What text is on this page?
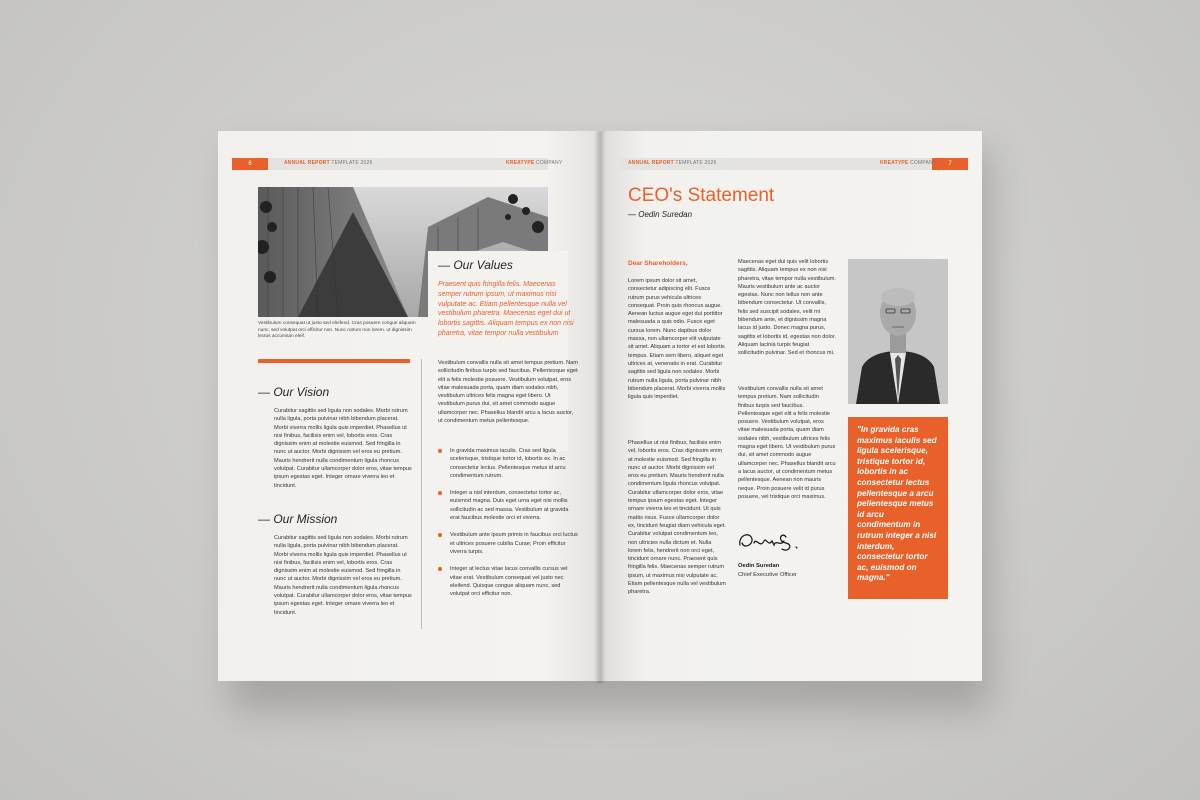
6	ANNUAL REPORT TEMPLATE 2026	KREATYPE COMPANY
Vestibulum consequat ut justo sed eleifend. Cras posuere congue aliquam nunc, sed volutpat orci efficitur non. Nunc rutrum non lorem. ut dignissim lectus accumsan eleif.
— Our Values
Praesent quis fringilla felis. Maecenas semper rutrum ipsum, ut maximus nisi vulputate ac. Etiam pellentesque nulla vel vestibulum pharetra. Maecenas eget dui ut lobortis sagittis. Aliquam tempus ex non nisi pharetra, vitae tempor nulla vestibulum
— Our Vision
Curabitur sagittis sed ligula non sodales. Morbi rutrum nulla ligula, porta pulvinar nibh bibendum placerat. Morbi viverra mollis ligula quis imperdiet. Phasellus ut nisi finibus, facilisis enim vel, lobortis eros. Cras dignissim enim at molestie euismod. Sed fringilla in nunc ut auctor. Morbi dignissim vel eros eu pretium. Mauris hendrerit nulla condimentum ligula rhoncus volutpat. Curabitur ullamcorper dolor eros, vitae tempus ipsum egestas eget. Integer ornare viverra leo et tincidunt.
— Our Mission
Curabitur sagittis sed ligula non sodales. Morbi rutrum nulla ligula, porta pulvinar nibh bibendum placerat. Morbi viverra mollis ligula quis imperdiet. Phasellus ut nisi finibus, facilisis enim vel, lobortis eros. Cras dignissim enim at molestie euismod. Sed fringilla in nunc ut auctor. Morbi dignissim vel eros eu pretium. Mauris hendrerit nulla condimentum ligula rhoncus volutpat. Curabitur ullamcorper dolor eros, vitae tempus ipsum egestas eget. Integer ornare viverra leo et tincidunt.
Vestibulum convallis nulla sit amet tempus pretium. Nam sollicitudin finibus turpis sed faucibus. Pellentesque eget elit a felis molestie posuere. Vestibulum volutpat, eros vitae malesuada porta, quam diam sodales nibh, vestibulum ultrices felis magna eget libero. Ut vestibulum purus dui, sit amet commodo augue ullamcorper nec. Phasellus blandit arcu a lacus auctor, ut condimentum metus pellentesque.
In gravida maximus iaculis. Cras sed ligula scelerisque, tristique tortor id, lobortis ex. In ac consectetur lectus. Pellentesque metus id arcu condimentum rutrum.
Integer a nisl interdum, consectetur tortor ac, euismod magna. Duis eget urna eget nisi mollis sollicitudin ac sed massa. Vestibulum at gravida erat faucibus molestie orci et viverra.
Vestibulum ante ipsum primis in faucibus orci luctus et ultrices posuere cubilia Curae; Proin efficitur viverra turpis.
Integer at lectus vitae lacus convallis cursus vel vitae erat. Vestibulum consequat vel justo nec eleifend. Quisque congue aliquam nunc, sed volutpat orci efficitur non.
7
ANNUAL REPORT TEMPLATE 2026	KREATYPE COMPANY
CEO's Statement
— Oedin Suredan
Dear Shareholders,
Lorem ipsum dolor sit amet, consectetur adipiscing elit. Fusce rutrum purus vehicula ultrices consequat. Proin quis rhoncus augue. Aenean luctus augue eget dui porttitor malesuada a quis odio. Fusce eget cursus lorem. Nunc dapibus dolor massa, non ullamcorper elit vulputate sit amet. Aliquam a tortor et est lobortis tempus. Etiam sem libero, aliquet eget ultrices at, venenatis in erat. Curabitur sagittis sed ligula non sodales. Morbi rutrum nulla ligula, porta pulvinar nibh bibendum placerat. Morbi viverra mollis ligula quis imperdiet.
Phasellus ut nisi finibus, facilisis enim vel, lobortis eros. Cras dignissim enim at molestie euismod. Sed fringilla in nunc ut auctor. Morbi dignissim vel eros eu pretium. Mauris hendrerit nulla condimentum ligula rhoncus volutpat. Curabitur ullamcorper dolor eros, vitae tempus ipsum egestas eget. Integer ornare viverra leo et tincidunt. Ut quis mattis risus. Fusce ullamcorper dolor ex, tincidunt feugiat diam vehicula eget. Curabitur volutpat condimentum leo, non ultricies nulla dictum et. Nulla lorem felis, hendrerit non orci eget, tincidunt ornare nunc. Praesent quis fringilla felis. Maecenas semper rutrum ipsum, ut maximus nisi vulputate ac. Etiam pellentesque nulla vel vestibulum pharetra.
Maecenas eget dui quis velit lobortis sagittis. Aliquam tempus ex non nisi pharetra, vitae tempor nulla vestibulum. Mauris vestibulum ante ac auctor egestas. Nunc non tellus non ante bibendum consectetur. Ut convallis, felis sed suscipit sodales, velit mi bibendum ante, et dignissim magna lacus id justo. Donec magna purus, sagittis et lobortis id, egestas non dolor. Aliquam lacinia turpis feugiat sollicitudin pulvinar. Sed et rhoncus mi.
Vestibulum convallis nulla sit amet tempus pretium. Nam sollicitudin finibus turpis sed faucibus. Pellentesque eget elit a felis molestie posuere. Vestibulum volutpat, eros vitae malesuada porta, quam diam sodales nibh, vestibulum ultrices felis magna eget libero. Ut vestibulum purus dui, sit amet commodo augue ullamcorper nec. Phasellus blandit arcu a lacus auctor, ut condimentum metus pellentesque. Aenean non mauris neque. Proin posuere velit id purus posuere, vel tristique orci maximus.
Oedin Suredan
Chief Executive Officer
"In gravida cras maximus iaculis sed ligula scelerisque, tristique tortor id, lobortis in ac consectetur lectus pellentesque a arcu pellentesque metus id arcu condimentum in rutrum integer a nisl interdum, consectetur tortor ac, euismod on magna."
